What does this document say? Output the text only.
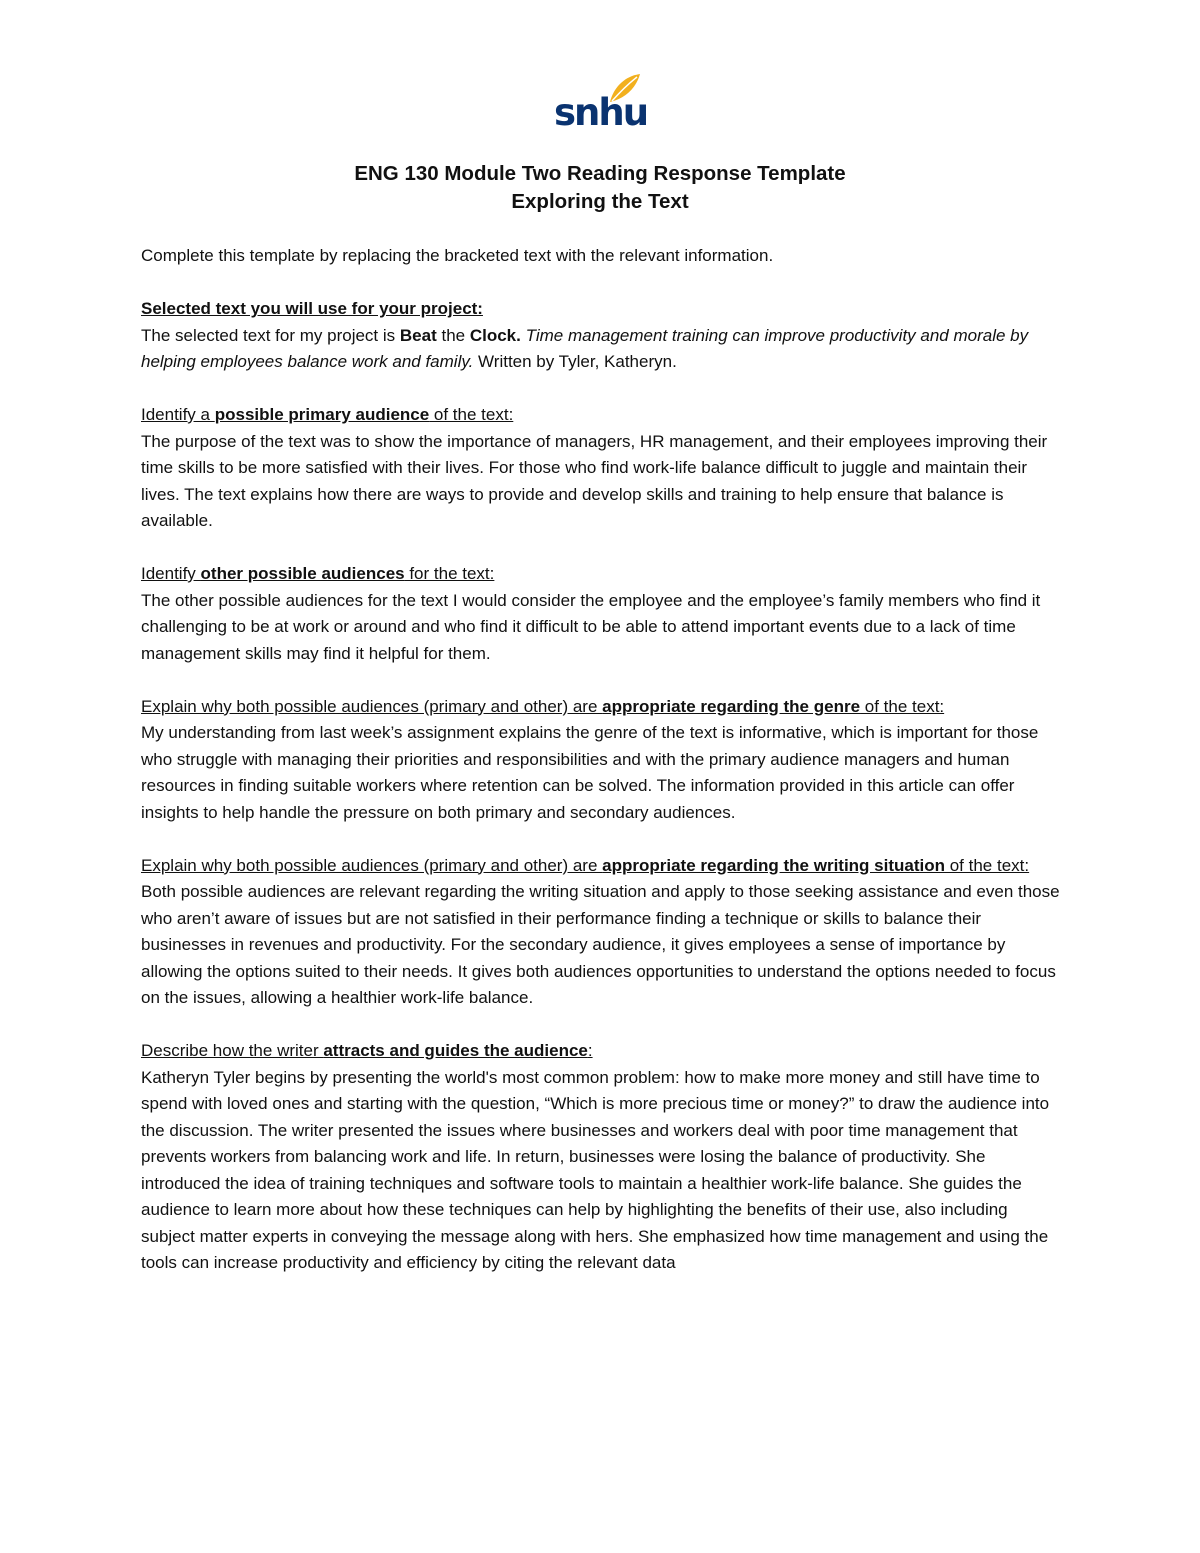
snhu
ENG 130 Module Two Reading Response Template
Exploring the Text

Complete this template by replacing the bracketed text with the relevant information.

Selected text you will use for your project:

The selected text for my project is Beat the Clock. Time management training can improve productivity and morale by helping employees balance work and family. Written by Tyler, Katheryn.

Identify a possible primary audience of the text:

The purpose of the text was to show the importance of managers, HR management, and their employees improving their time skills to be more satisfied with their lives. For those who find work-life balance difficult to juggle and maintain their lives. The text explains how there are ways to provide and develop skills and training to help ensure that balance is available.

Identify other possible audiences for the text:

The other possible audiences for the text I would consider the employee and the employee’s family members who find it challenging to be at work or around and who find it difficult to be able to attend important events due to a lack of time management skills may find it helpful for them.

Explain why both possible audiences (primary and other) are appropriate regarding the genre of the text:

My understanding from last week’s assignment explains the genre of the text is informative, which is important for those who struggle with managing their priorities and responsibilities and with the primary audience managers and human resources in finding suitable workers where retention can be solved. The information provided in this article can offer insights to help handle the pressure on both primary and secondary audiences.

Explain why both possible audiences (primary and other) are appropriate regarding the writing situation of the text:

Both possible audiences are relevant regarding the writing situation and apply to those seeking assistance and even those who aren’t aware of issues but are not satisfied in their performance finding a technique or skills to balance their businesses in revenues and productivity. For the secondary audience, it gives employees a sense of importance by allowing the options suited to their needs. It gives both audiences opportunities to understand the options needed to focus on the issues, allowing a healthier work-life balance.

Describe how the writer attracts and guides the audience:

Katheryn Tyler begins by presenting the world's most common problem: how to make more money and still have time to spend with loved ones and starting with the question, “Which is more precious time or money?” to draw the audience into the discussion. The writer presented the issues where businesses and workers deal with poor time management that prevents workers from balancing work and life. In return, businesses were losing the balance of productivity. She introduced the idea of training techniques and software tools to maintain a healthier work-life balance. She guides the audience to learn more about how these techniques can help by highlighting the benefits of their use, also including subject matter experts in conveying the message along with hers. She emphasized how time management and using the tools can increase productivity and efficiency by citing the relevant data
